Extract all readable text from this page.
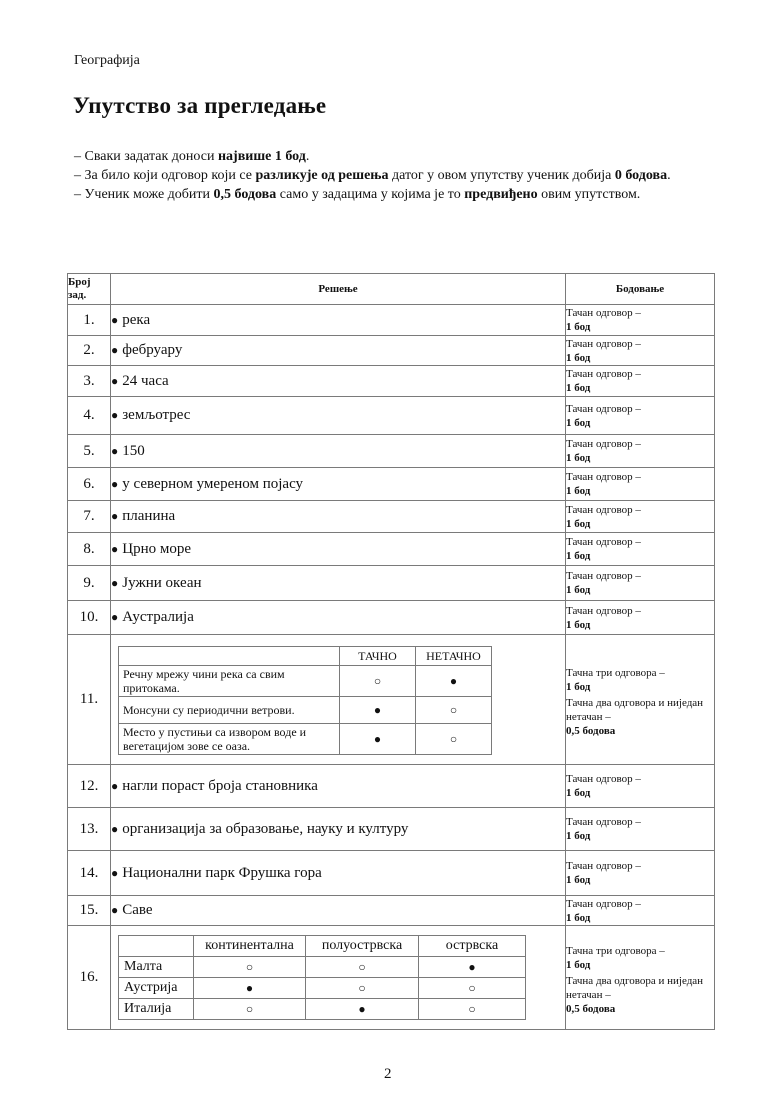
Географија
Упутство за прегледање
– Сваки задатак доноси највише 1 бод.
– За било који одговор који се разликује од решења датог у овом упутству ученик добија 0 бодова.
– Ученик може добити 0,5 бодова само у задацима у којима је то предвиђено овим упутством.
Број зад.	Решење	Бодовање
1.	● река	Тачан одговор –
1 бод

2.	● фебруару	Тачан одговор –
1 бод

3.	● 24 часа	Тачан одговор –
1 бод

4.	● земљотрес	Тачан одговор –
1 бод

5.	● 150	Тачан одговор –
1 бод

6.	● у северном умереном појасу	Тачан одговор –
1 бод

7.	● планина	Тачан одговор –
1 бод

8.	● Црно море	Тачан одговор –
1 бод

9.	● Јужни океан	Тачан одговор –
1 бод

10.	● Аустралија	Тачан одговор –
1 бод

11.	
	ТАЧНО	НЕТАЧНО
Речну мрежу чини река са свим притокама.	○	●
Монсуни су периодични ветрови.	●	○
Место у пустињи са извором воде и вегетацијом зове се оаза.	●	○

Тачна три одговора –
1 бод
Тачна два одговора и ниједан нетачан –
0,5 бодова

12.	● нагли пораст броја становника	Тачан одговор –
1 бод

13.	● организација за образовање, науку и културу	Тачан одговор –
1 бод

14.	● Национални парк Фрушка гора	Тачан одговор –
1 бод

15.	● Саве	Тачан одговор –
1 бод

16.	
	континентална	полуострвска	острвска
Малта	○	○	●
Аустрија	●	○	○
Италија	○	●	○

Тачна три одговора –
1 бод
Тачна два одговора и ниједан нетачан –
0,5 бодова
2
